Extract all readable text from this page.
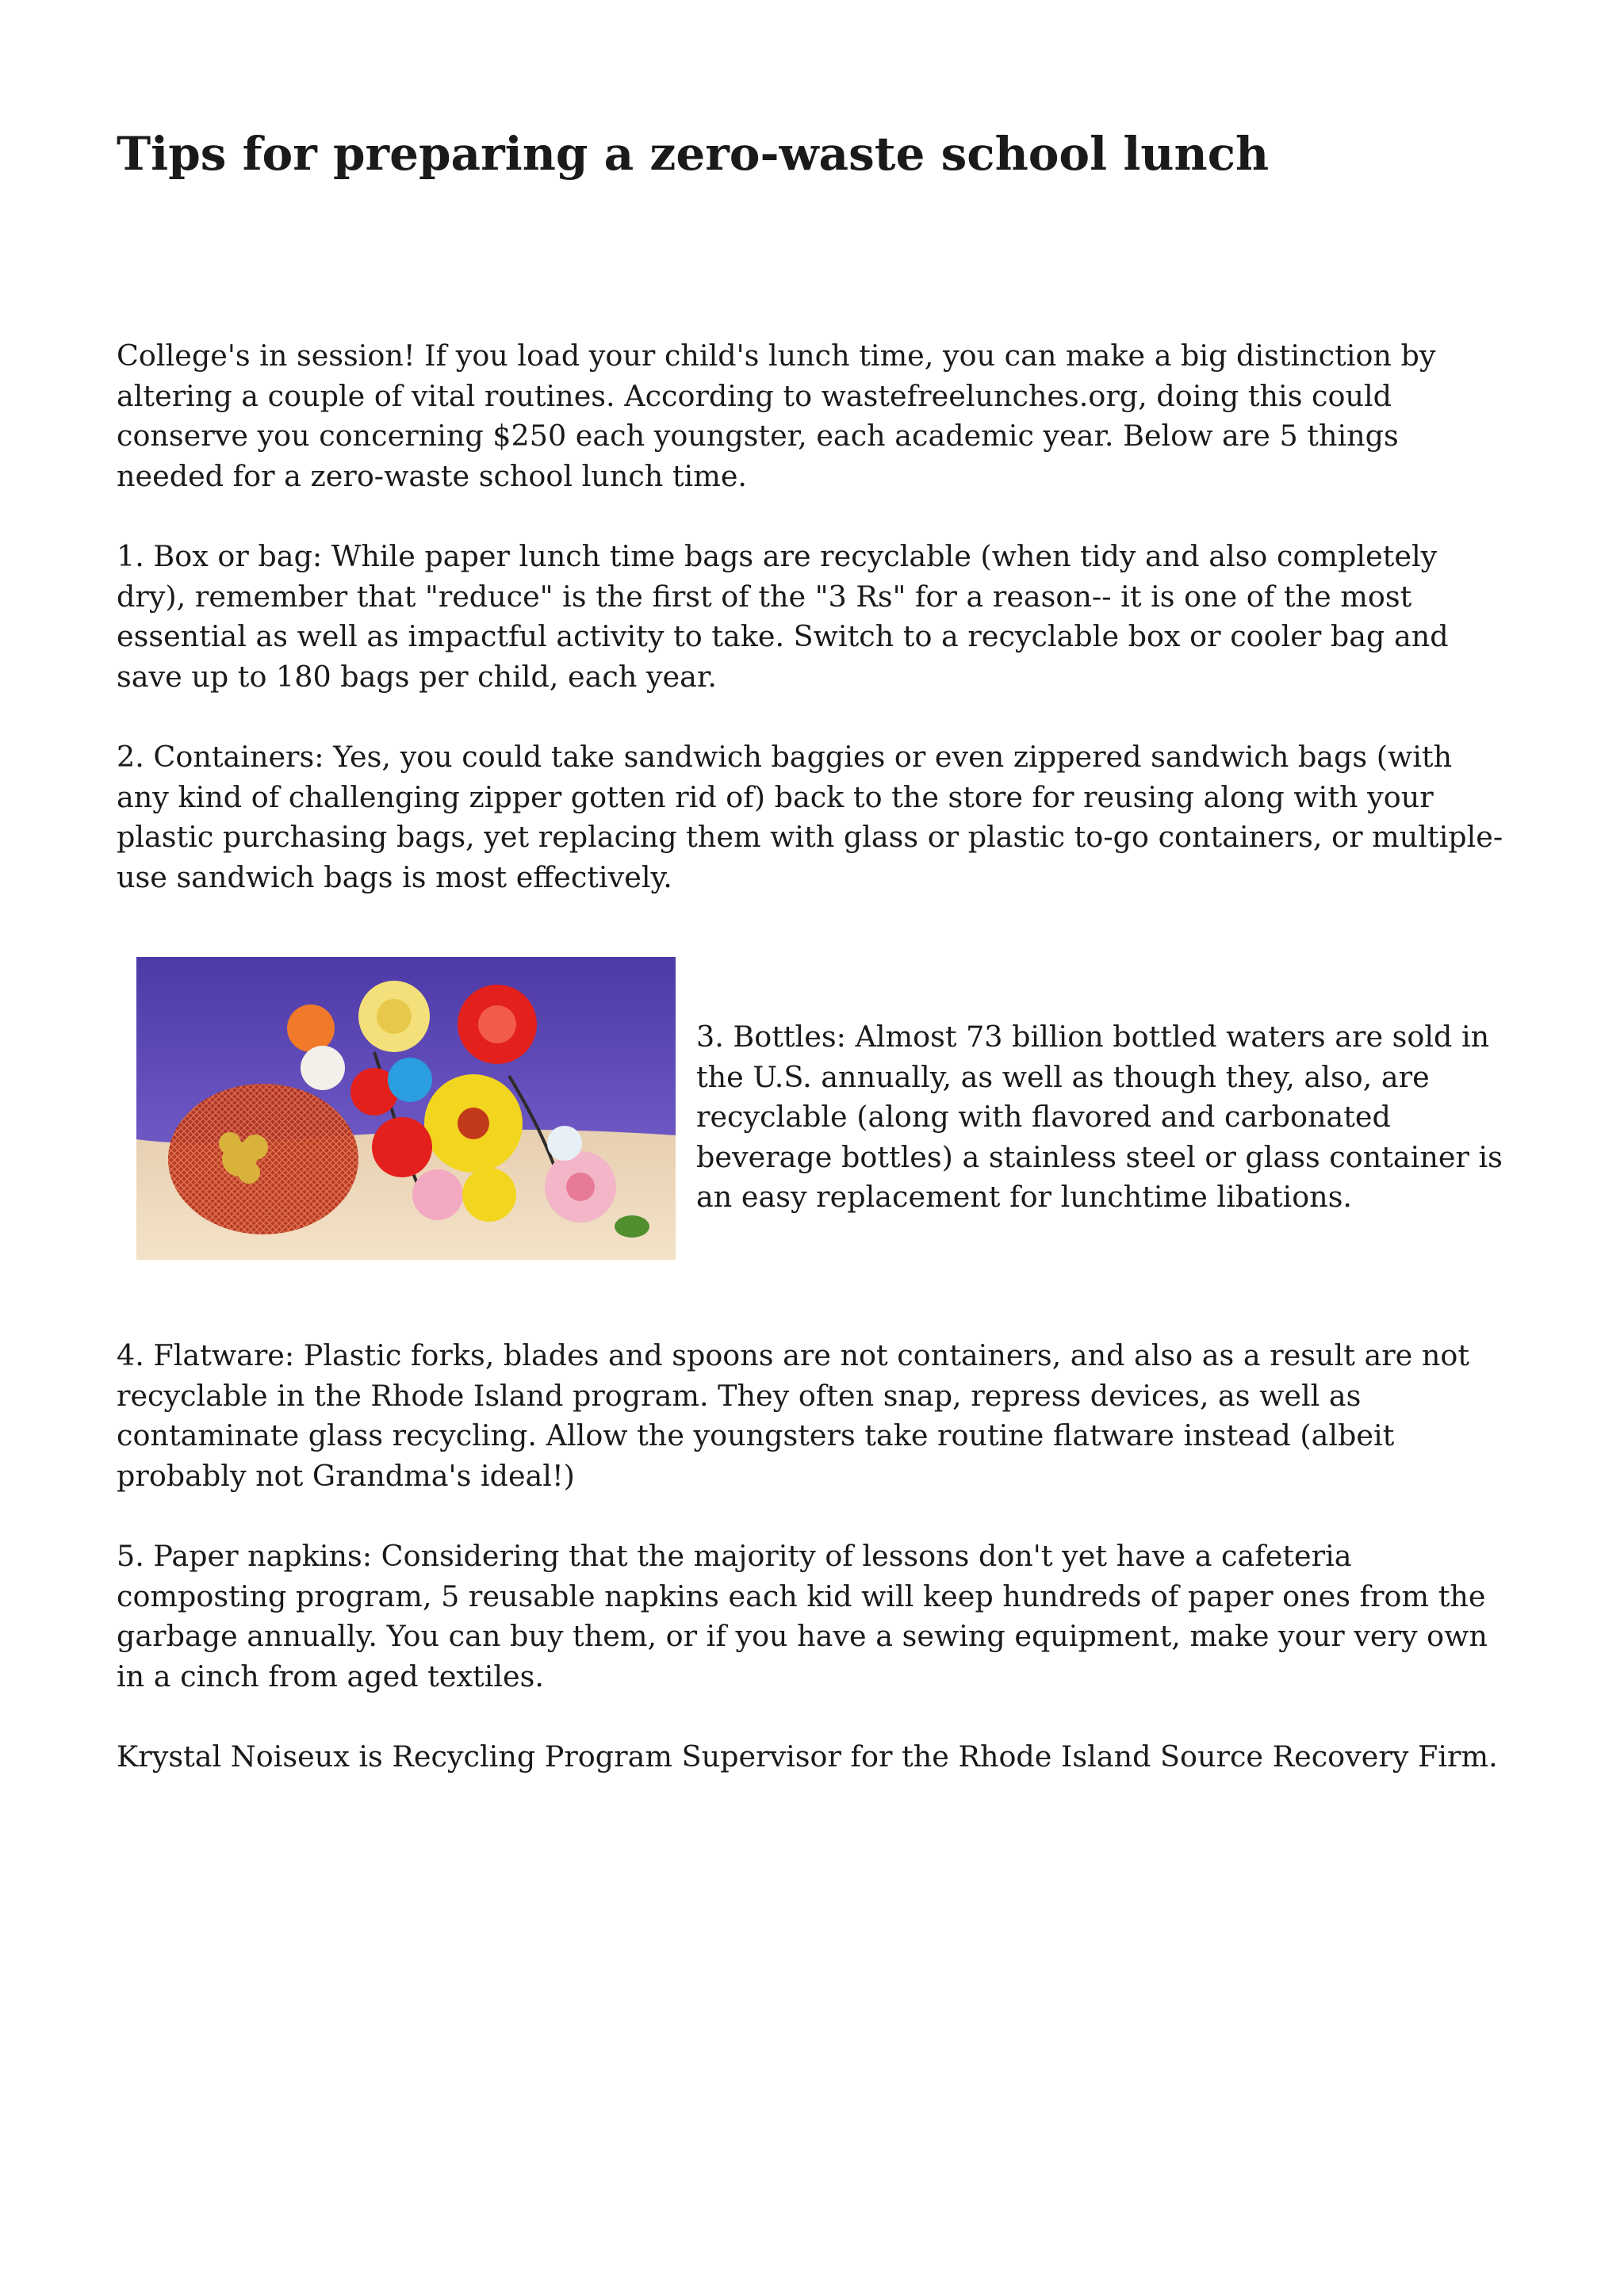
Tips for preparing a zero-waste school lunch

College's in session! If you load your child's lunch time, you can make a big distinction by altering a couple of vital routines. According to wastefreelunches.org, doing this could conserve you concerning $250 each youngster, each academic year. Below are 5 things needed for a zero-waste school lunch time.

1. Box or bag: While paper lunch time bags are recyclable (when tidy and also completely dry), remember that "reduce" is the first of the "3 Rs" for a reason-- it is one of the most essential as well as impactful activity to take. Switch to a recyclable box or cooler bag and save up to 180 bags per child, each year.

2. Containers: Yes, you could take sandwich baggies or even zippered sandwich bags (with any kind of challenging zipper gotten rid of) back to the store for reusing along with your plastic purchasing bags, yet replacing them with glass or plastic to-go containers, or multiple-use sandwich bags is most effectively.

3. Bottles: Almost 73 billion bottled waters are sold in the U.S. annually, as well as though they, also, are recyclable (along with flavored and carbonated beverage bottles) a stainless steel or glass container is an easy replacement for lunchtime libations.

4. Flatware: Plastic forks, blades and spoons are not containers, and also as a result are not recyclable in the Rhode Island program. They often snap, repress devices, as well as contaminate glass recycling. Allow the youngsters take routine flatware instead (albeit probably not Grandma's ideal!)

5. Paper napkins: Considering that the majority of lessons don't yet have a cafeteria composting program, 5 reusable napkins each kid will keep hundreds of paper ones from the garbage annually. You can buy them, or if you have a sewing equipment, make your very own in a cinch from aged textiles.

Krystal Noiseux is Recycling Program Supervisor for the Rhode Island Source Recovery Firm.
